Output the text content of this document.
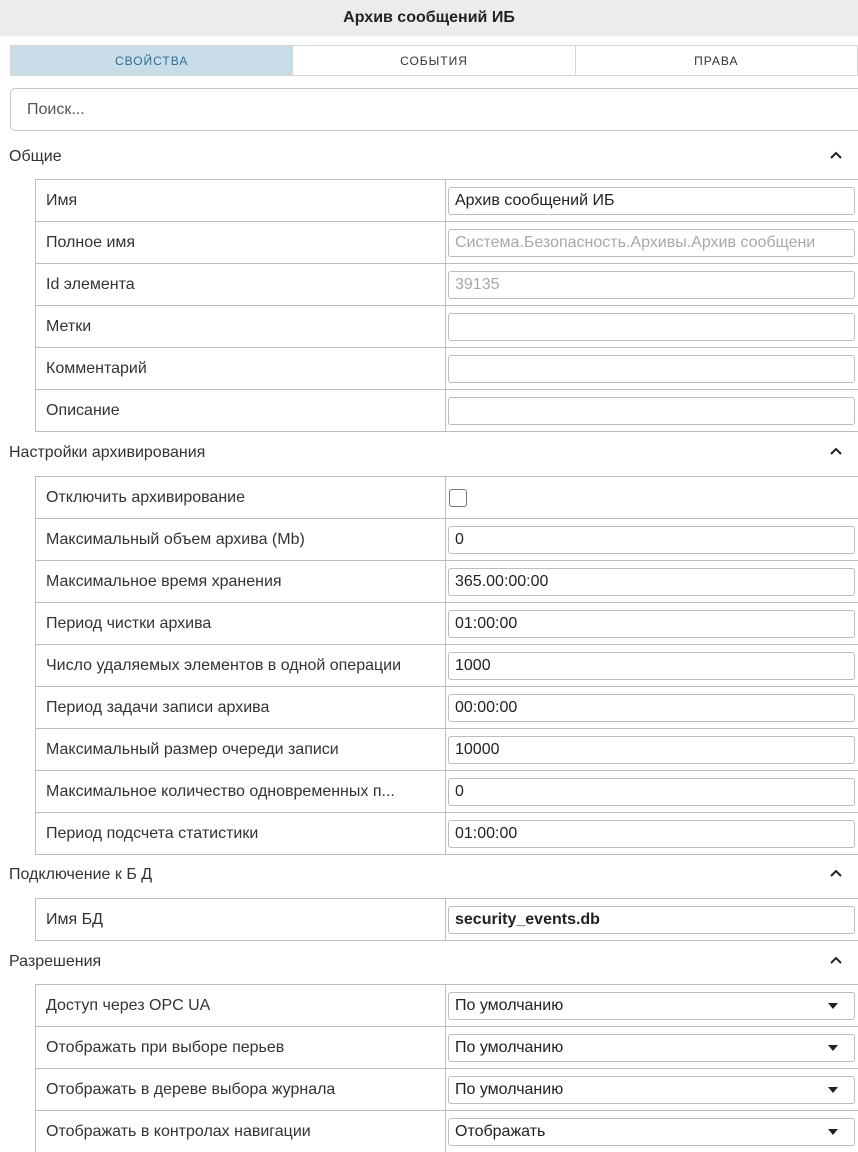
Архив сообщений ИБ
СВОЙСТВА	СОБЫТИЯ	ПРАВА
Поиск...
Общие
Имя	Архив сообщений ИБ
Полное имя	Система.Безопасность.Архивы.Архив сообщени
Id элемента	39135
Метки
Комментарий
Описание
Настройки архивирования
Отключить архивирование
Максимальный объем архива (Mb)	0
Максимальное время хранения	365.00:00:00
Период чистки архива	01:00:00
Число удаляемых элементов в одной операции	1000
Период задачи записи архива	00:00:00
Максимальный размер очереди записи	10000
Максимальное количество одновременных п...	0
Период подсчета статистики	01:00:00
Подключение к Б Д
Имя БД	security_events.db
Разрешения
Доступ через OPC UA	По умолчанию
Отображать при выборе перьев	По умолчанию
Отображать в дереве выбора журнала	По умолчанию
Отображать в контролах навигации	Отображать
